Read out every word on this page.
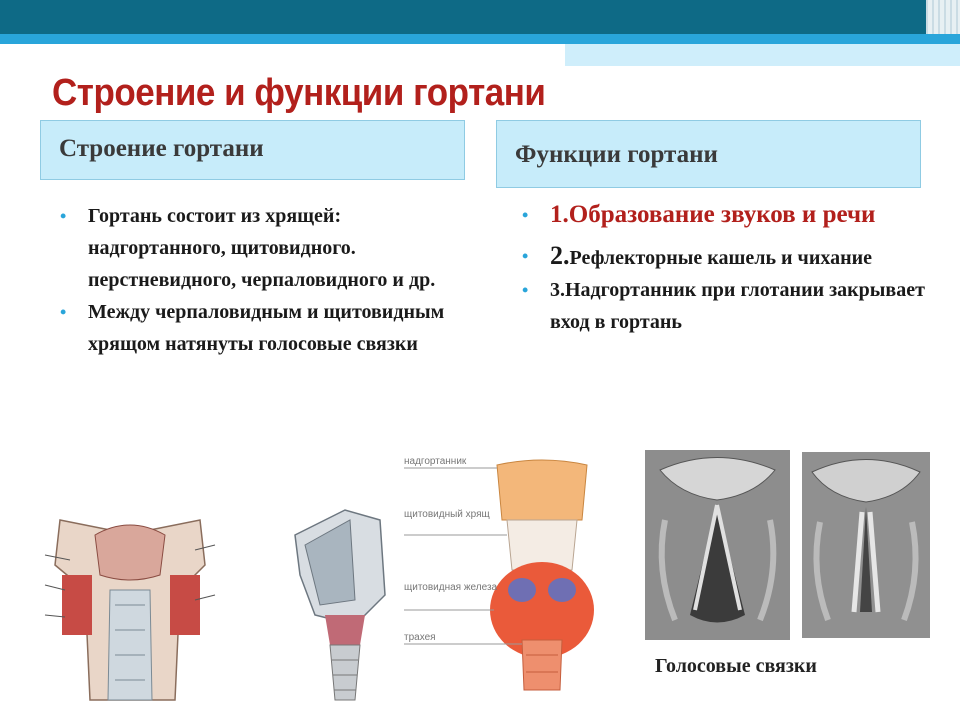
Строение и функции гортани
Строение гортани	Функции гортани
• Гортань состоит из хрящей: надгортанного, щитовидного. перстневидного, черпаловидного и др.
• Между черпаловидным и щитовидным хрящом натянуты голосовые связки
• 1.Образование звуков и речи
• 2.Рефлекторные кашель и чихание
• 3.Надгортанник при глотании закрывает вход в гортань
надгортанник
щитовидный хрящ
щитовидная железа
трахея
Голосовые связки
